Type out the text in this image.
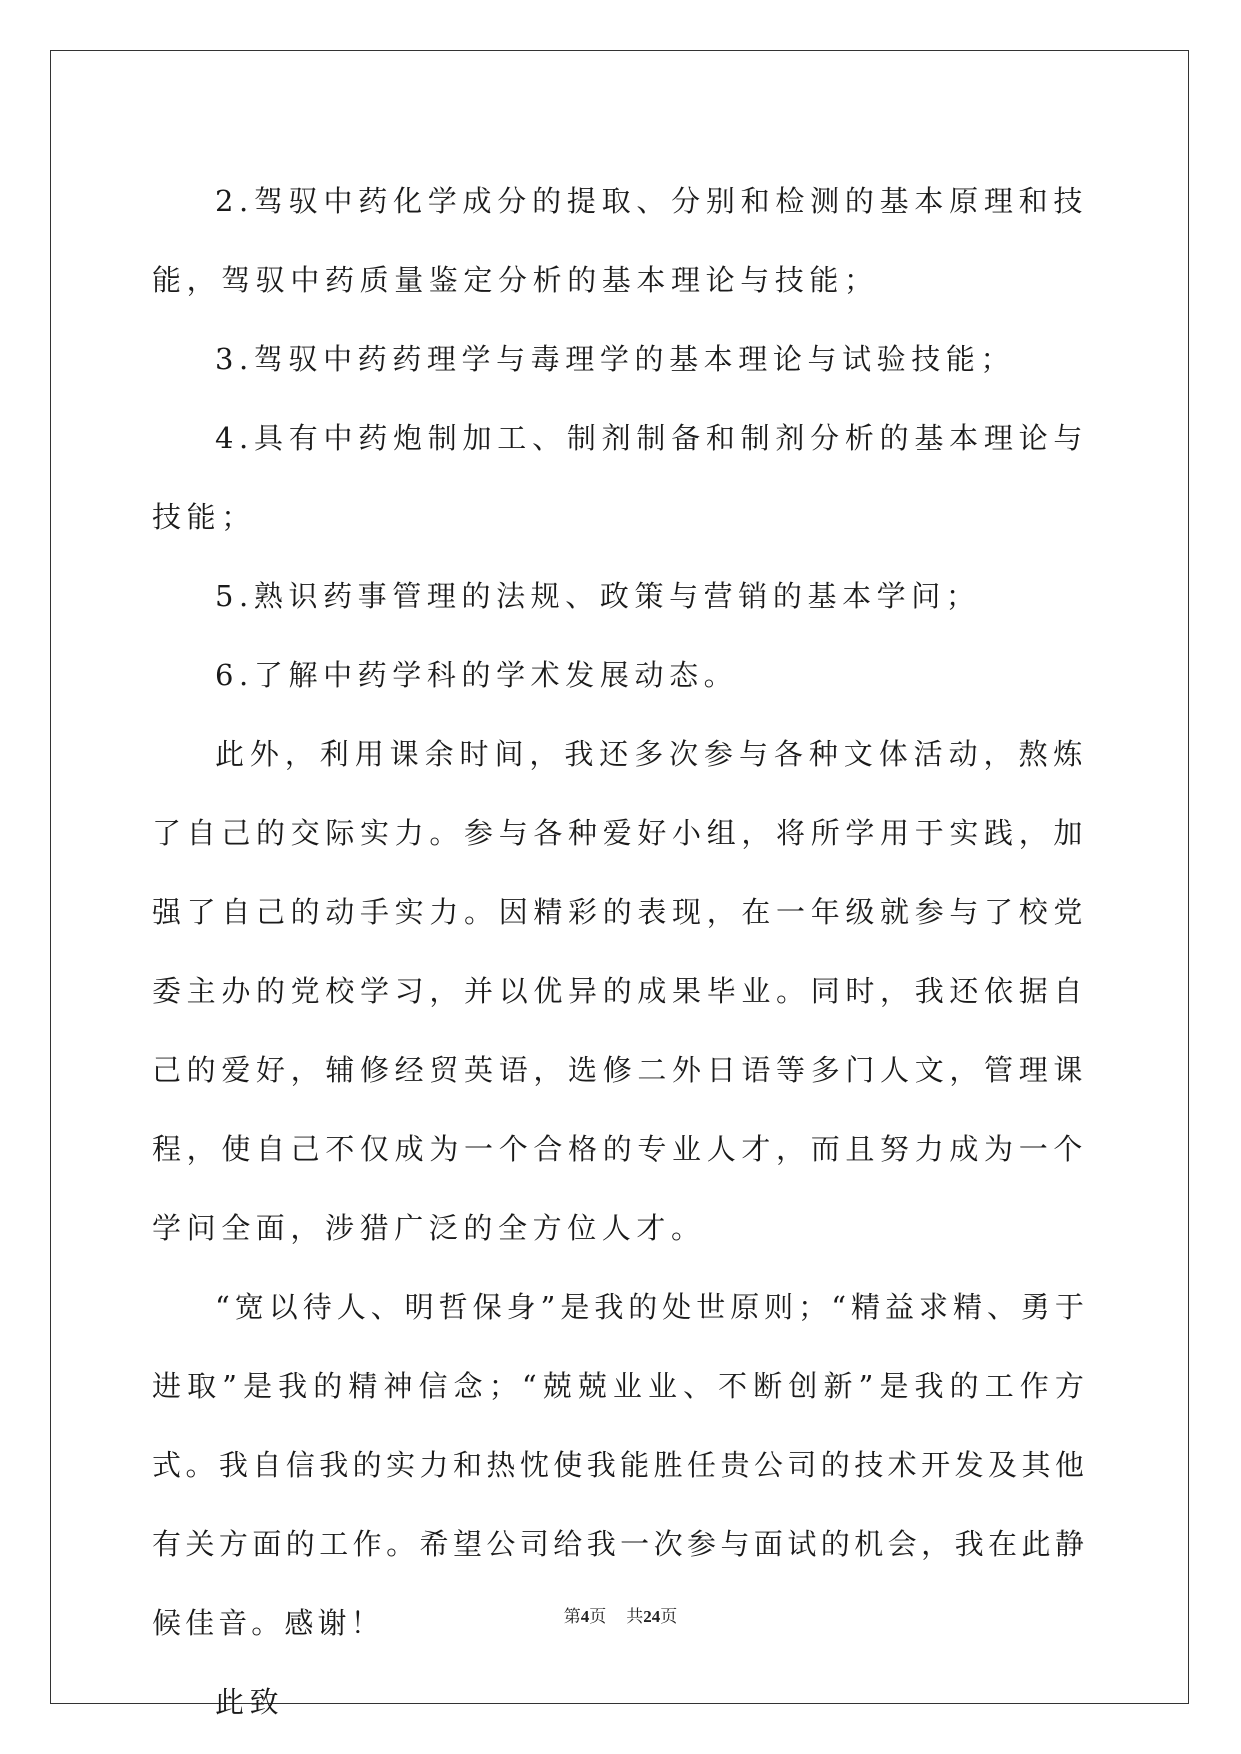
2.驾驭中药化学成分的提取、分别和检测的基本原理和技能，驾驭中药质量鉴定分析的基本理论与技能；

3.驾驭中药药理学与毒理学的基本理论与试验技能；

4.具有中药炮制加工、制剂制备和制剂分析的基本理论与技能；

5.熟识药事管理的法规、政策与营销的基本学问；

6.了解中药学科的学术发展动态。

此外，利用课余时间，我还多次参与各种文体活动，熬炼了自己的交际实力。参与各种爱好小组，将所学用于实践，加强了自己的动手实力。因精彩的表现，在一年级就参与了校党委主办的党校学习，并以优异的成果毕业。同时，我还依据自己的爱好，辅修经贸英语，选修二外日语等多门人文，管理课程，使自己不仅成为一个合格的专业人才，而且努力成为一个学问全面，涉猎广泛的全方位人才。

“宽以待人、明哲保身”是我的处世原则；“精益求精、勇于进取”是我的精神信念；“兢兢业业、不断创新”是我的工作方式。我自信我的实力和热忱使我能胜任贵公司的技术开发及其他有关方面的工作。希望公司给我一次参与面试的机会，我在此静候佳音。感谢！

此致

第4页 共24页
